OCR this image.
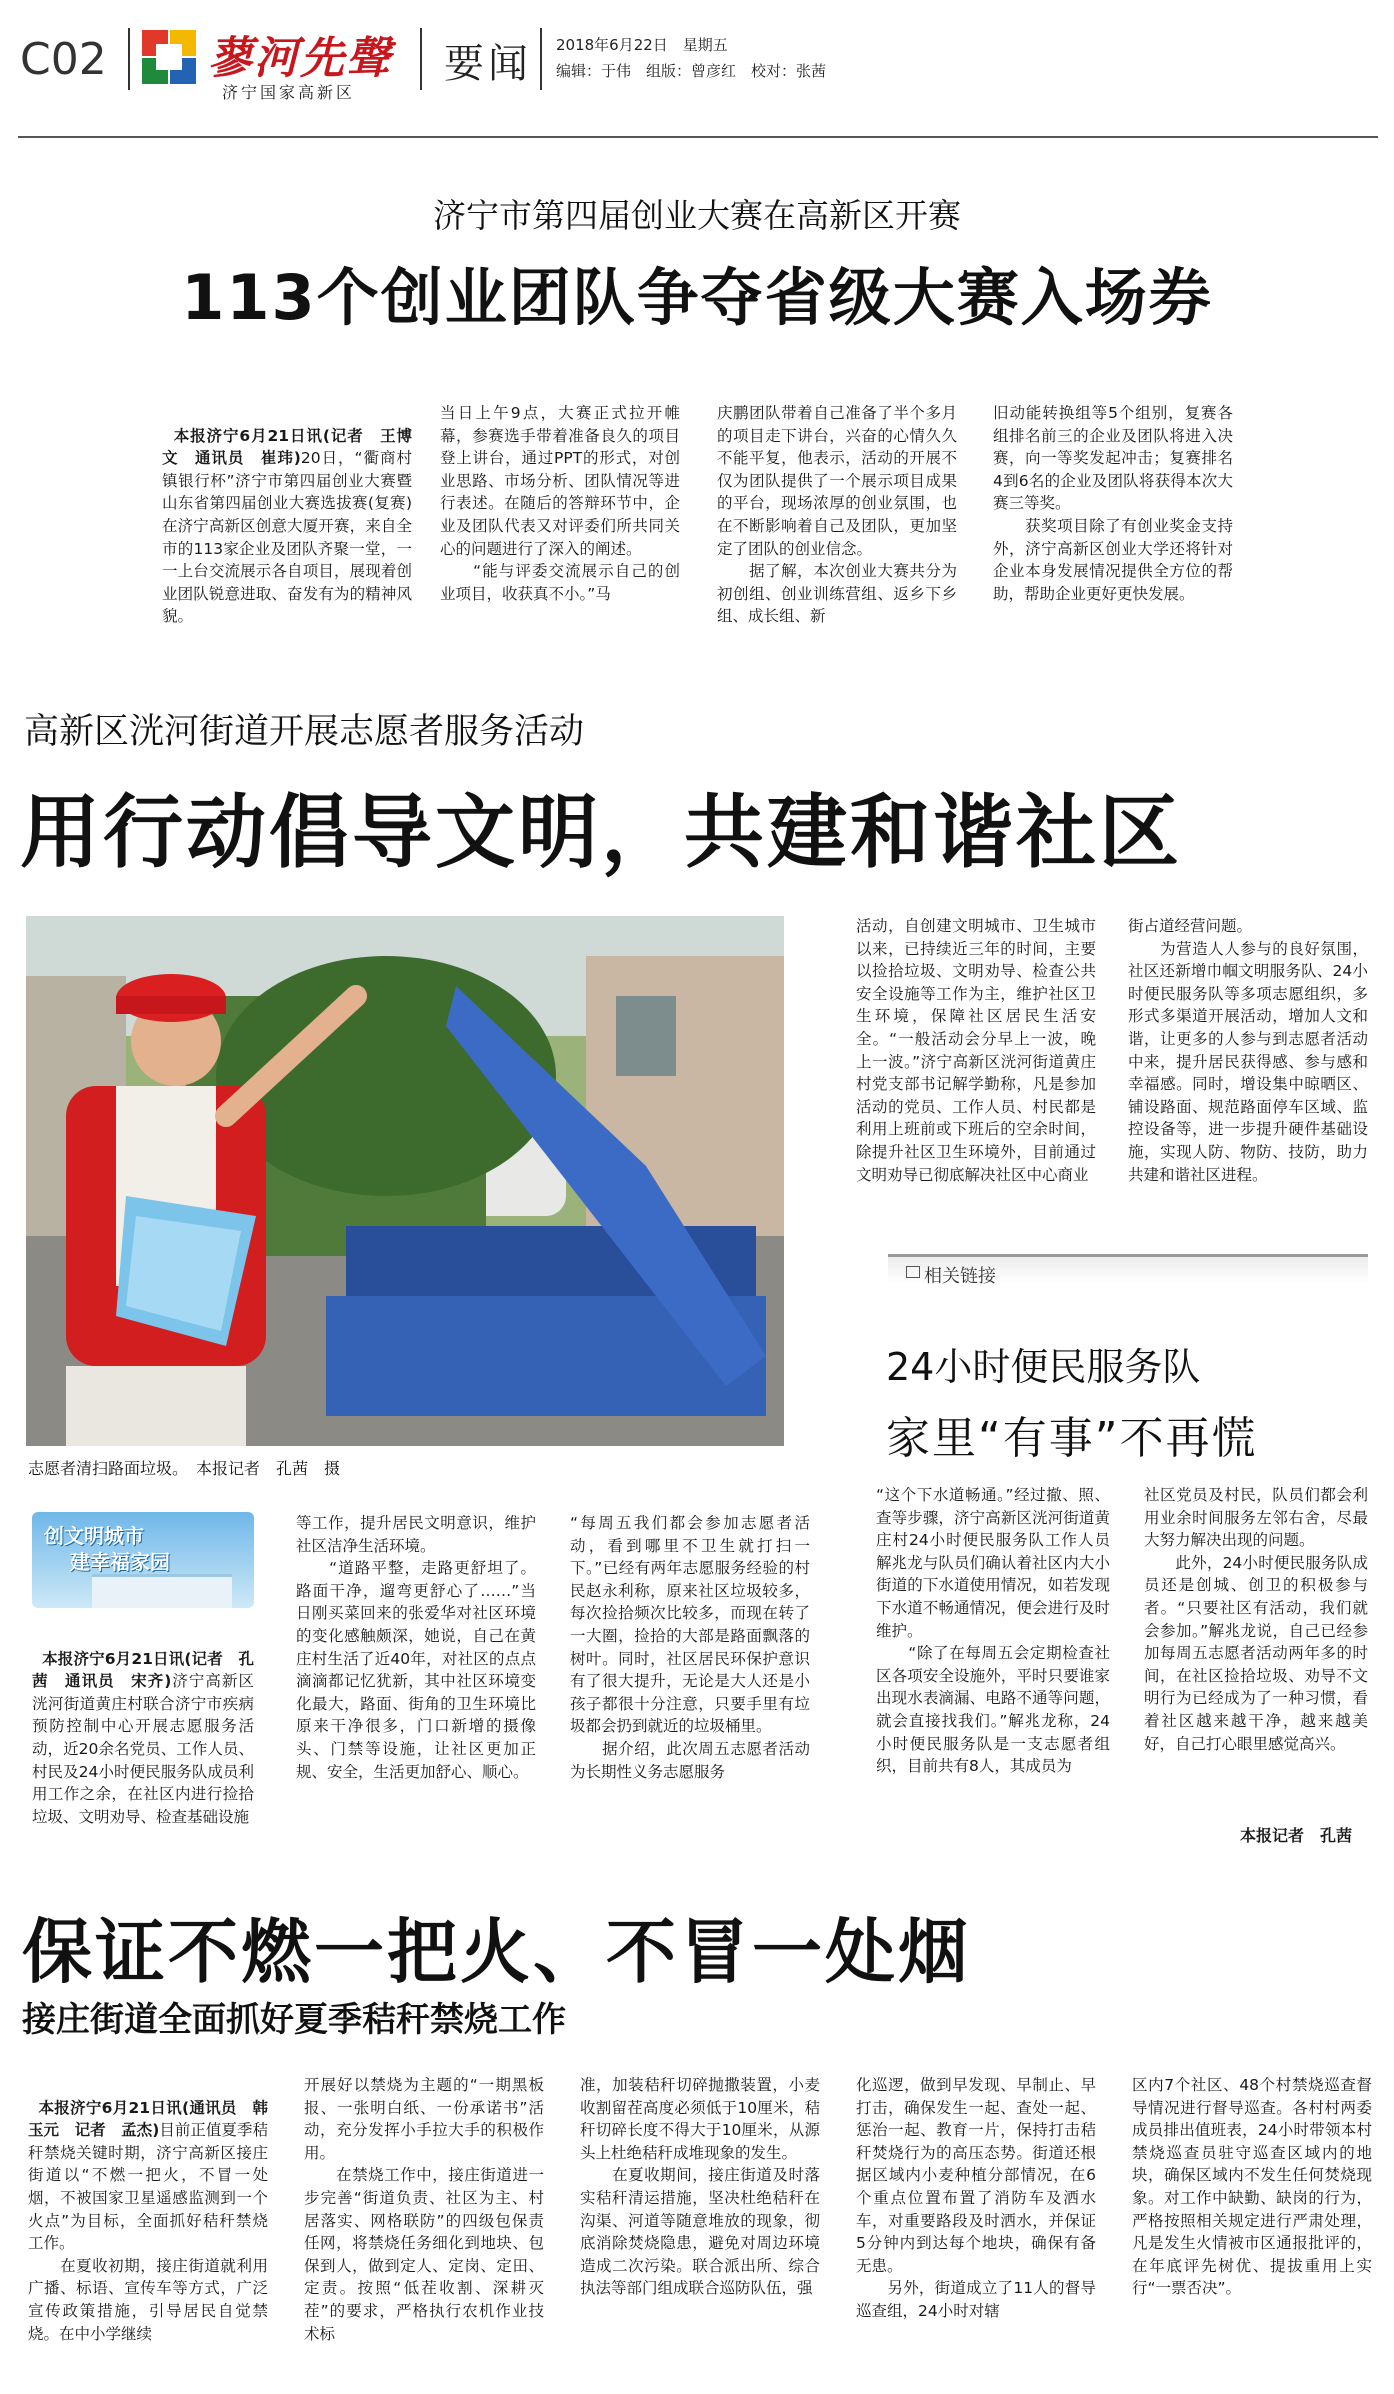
C02 蓼河先聲
济宁国家高新区
要闻 2018年6月22日　星期五
编辑：于伟　组版：曾彦红　校对：张茜
济宁市第四届创业大赛在高新区开赛
113个创业团队争夺省级大赛入场券

本报济宁6月21日讯(记者　王博文　通讯员　崔玮)20日，“衢商村镇银行杯”济宁市第四届创业大赛暨山东省第四届创业大赛选拔赛(复赛)在济宁高新区创意大厦开赛，来自全市的113家企业及团队齐聚一堂，一一上台交流展示各自项目，展现着创业团队锐意进取、奋发有为的精神风貌。

当日上午9点，大赛正式拉开帷幕，参赛选手带着准备良久的项目登上讲台，通过PPT的形式，对创业思路、市场分析、团队情况等进行表述。在随后的答辩环节中，企业及团队代表又对评委们所共同关心的问题进行了深入的阐述。
　　“能与评委交流展示自己的创业项目，收获真不小。”马
庆鹏团队带着自己准备了半个多月的项目走下讲台，兴奋的心情久久不能平复，他表示，活动的开展不仅为团队提供了一个展示项目成果的平台，现场浓厚的创业氛围，也在不断影响着自己及团队，更加坚定了团队的创业信念。
　　据了解，本次创业大赛共分为初创组、创业训练营组、返乡下乡组、成长组、新
旧动能转换组等5个组别，复赛各组排名前三的企业及团队将进入决赛，向一等奖发起冲击；复赛排名4到6名的企业及团队将获得本次大赛三等奖。
　　获奖项目除了有创业奖金支持外，济宁高新区创业大学还将针对企业本身发展情况提供全方位的帮助，帮助企业更好更快发展。
高新区洸河街道开展志愿者服务活动
用行动倡导文明，共建和谐社区
志愿者清扫路面垃圾。　本报记者　孔茜　摄
活动，自创建文明城市、卫生城市以来，已持续近三年的时间，主要以捡拾垃圾、文明劝导、检查公共安全设施等工作为主，维护社区卫生环境，保障社区居民生活安全。“一般活动会分早上一波，晚上一波。”济宁高新区洸河街道黄庄村党支部书记解学勤称，凡是参加活动的党员、工作人员、村民都是利用上班前或下班后的空余时间，除提升社区卫生环境外，目前通过文明劝导已彻底解决社区中心商业
街占道经营问题。
　　为营造人人参与的良好氛围，社区还新增巾帼文明服务队、24小时便民服务队等多项志愿组织，多形式多渠道开展活动，增加人文和谐，让更多的人参与到志愿者活动中来，提升居民获得感、参与感和幸福感。同时，增设集中晾晒区、铺设路面、规范路面停车区域、监控设备等，进一步提升硬件基础设施，实现人防、物防、技防，助力共建和谐社区进程。
创文明城市
建幸福家园

本报济宁6月21日讯(记者　孔茜　通讯员　宋齐)济宁高新区洸河街道黄庄村联合济宁市疾病预防控制中心开展志愿服务活动，近20余名党员、工作人员、村民及24小时便民服务队成员利用工作之余，在社区内进行捡拾垃圾、文明劝导、检查基础设施

等工作，提升居民文明意识，维护社区洁净生活环境。
　　“道路平整，走路更舒坦了。路面干净，遛弯更舒心了……”当日刚买菜回来的张爱华对社区环境的变化感触颇深，她说，自己在黄庄村生活了近40年，对社区的点点滴滴都记忆犹新，其中社区环境变化最大，路面、街角的卫生环境比原来干净很多，门口新增的摄像头、门禁等设施，让社区更加正规、安全，生活更加舒心、顺心。
“每周五我们都会参加志愿者活动，看到哪里不卫生就打扫一下。”已经有两年志愿服务经验的村民赵永利称，原来社区垃圾较多，每次捡拾频次比较多，而现在转了一大圈，捡拾的大部是路面飘落的树叶。同时，社区居民环保护意识有了很大提升，无论是大人还是小孩子都很十分注意，只要手里有垃圾都会扔到就近的垃圾桶里。
　　据介绍，此次周五志愿者活动为长期性义务志愿服务
相关链接
24小时便民服务队
家里“有事”不再慌
“这个下水道畅通。”经过撤、照、查等步骤，济宁高新区洸河街道黄庄村24小时便民服务队工作人员解兆龙与队员们确认着社区内大小街道的下水道使用情况，如若发现下水道不畅通情况，便会进行及时维护。
　　“除了在每周五会定期检查社区各项安全设施外，平时只要谁家出现水表滴漏、电路不通等问题，就会直接找我们。”解兆龙称，24小时便民服务队是一支志愿者组织，目前共有8人，其成员为
社区党员及村民，队员们都会利用业余时间服务左邻右舍，尽最大努力解决出现的问题。
　　此外，24小时便民服务队成员还是创城、创卫的积极参与者。“只要社区有活动，我们就会参加。”解兆龙说，自己已经参加每周五志愿者活动两年多的时间，在社区捡拾垃圾、劝导不文明行为已经成为了一种习惯，看着社区越来越干净，越来越美好，自己打心眼里感觉高兴。
本报记者　孔茜
保证不燃一把火、不冒一处烟
接庄街道全面抓好夏季秸秆禁烧工作

本报济宁6月21日讯(通讯员　韩玉元　记者　孟杰)目前正值夏季秸秆禁烧关键时期，济宁高新区接庄街道以“不燃一把火，不冒一处烟，不被国家卫星遥感监测到一个火点”为目标，全面抓好秸秆禁烧工作。
　　在夏收初期，接庄街道就利用广播、标语、宣传车等方式，广泛宣传政策措施，引导居民自觉禁烧。在中小学继续

开展好以禁烧为主题的“一期黑板报、一张明白纸、一份承诺书”活动，充分发挥小手拉大手的积极作用。
　　在禁烧工作中，接庄街道进一步完善“街道负责、社区为主、村居落实、网格联防”的四级包保责任网，将禁烧任务细化到地块、包保到人，做到定人、定岗、定田、定责。按照“低茬收割、深耕灭茬”的要求，严格执行农机作业技术标
准，加装秸秆切碎抛撒装置，小麦收割留茬高度必须低于10厘米，秸秆切碎长度不得大于10厘米，从源头上杜绝秸秆成堆现象的发生。
　　在夏收期间，接庄街道及时落实秸秆清运措施，坚决杜绝秸秆在沟渠、河道等随意堆放的现象，彻底消除焚烧隐患，避免对周边环境造成二次污染。联合派出所、综合执法等部门组成联合巡防队伍，强
化巡逻，做到早发现、早制止、早打击，确保发生一起、查处一起、惩治一起、教育一片，保持打击秸秆焚烧行为的高压态势。街道还根据区域内小麦种植分部情况，在6个重点位置布置了消防车及洒水车，对重要路段及时洒水，并保证5分钟内到达每个地块，确保有备无患。
　　另外，街道成立了11人的督导巡查组，24小时对辖
区内7个社区、48个村禁烧巡查督导情况进行督导巡查。各村村两委成员排出值班表，24小时带领本村禁烧巡查员驻守巡查区域内的地块，确保区域内不发生任何焚烧现象。对工作中缺勤、缺岗的行为，严格按照相关规定进行严肃处理，凡是发生火情被市区通报批评的，在年底评先树优、提拔重用上实行“一票否决”。
